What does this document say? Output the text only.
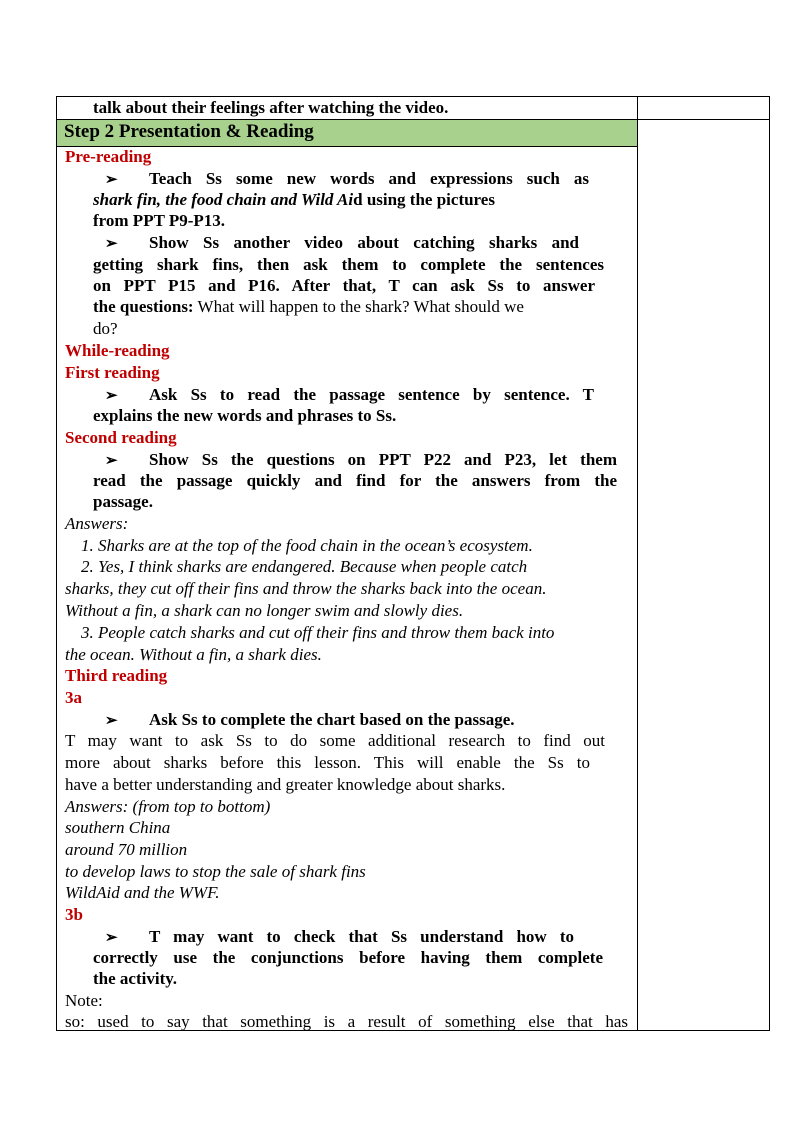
Step 2 Presentation & Reading
talk about their feelings after watching the video.
Pre-reading
➢ Teach Ss some new words and expressions such as
shark fin, the food chain and Wild Aid using the pictures
from PPT P9-P13.
➢ Show Ss another video about catching sharks and
getting shark fins, then ask them to complete the sentences
on PPT P15 and P16. After that, T can ask Ss to answer
the questions: What will happen to the shark? What should we
do?
While-reading
First reading
➢ Ask Ss to read the passage sentence by sentence. T
explains the new words and phrases to Ss.
Second reading
➢ Show Ss the questions on PPT P22 and P23, let them
read the passage quickly and find for the answers from the
passage.
Answers:
1. Sharks are at the top of the food chain in the ocean’s ecosystem.
2. Yes, I think sharks are endangered. Because when people catch
sharks, they cut off their fins and throw the sharks back into the ocean.
Without a fin, a shark can no longer swim and slowly dies.
3. People catch sharks and cut off their fins and throw them back into
the ocean. Without a fin, a shark dies.
Third reading
3a
➢ Ask Ss to complete the chart based on the passage.
T may want to ask Ss to do some additional research to find out
more about sharks before this lesson. This will enable the Ss to
have a better understanding and greater knowledge about sharks.
Answers: (from top to bottom)
southern China
around 70 million
to develop laws to stop the sale of shark fins
WildAid and the WWF.
3b
➢ T may want to check that Ss understand how to
correctly use the conjunctions before having them complete
the activity.
Note:
so: used to say that something is a result of something else that has
